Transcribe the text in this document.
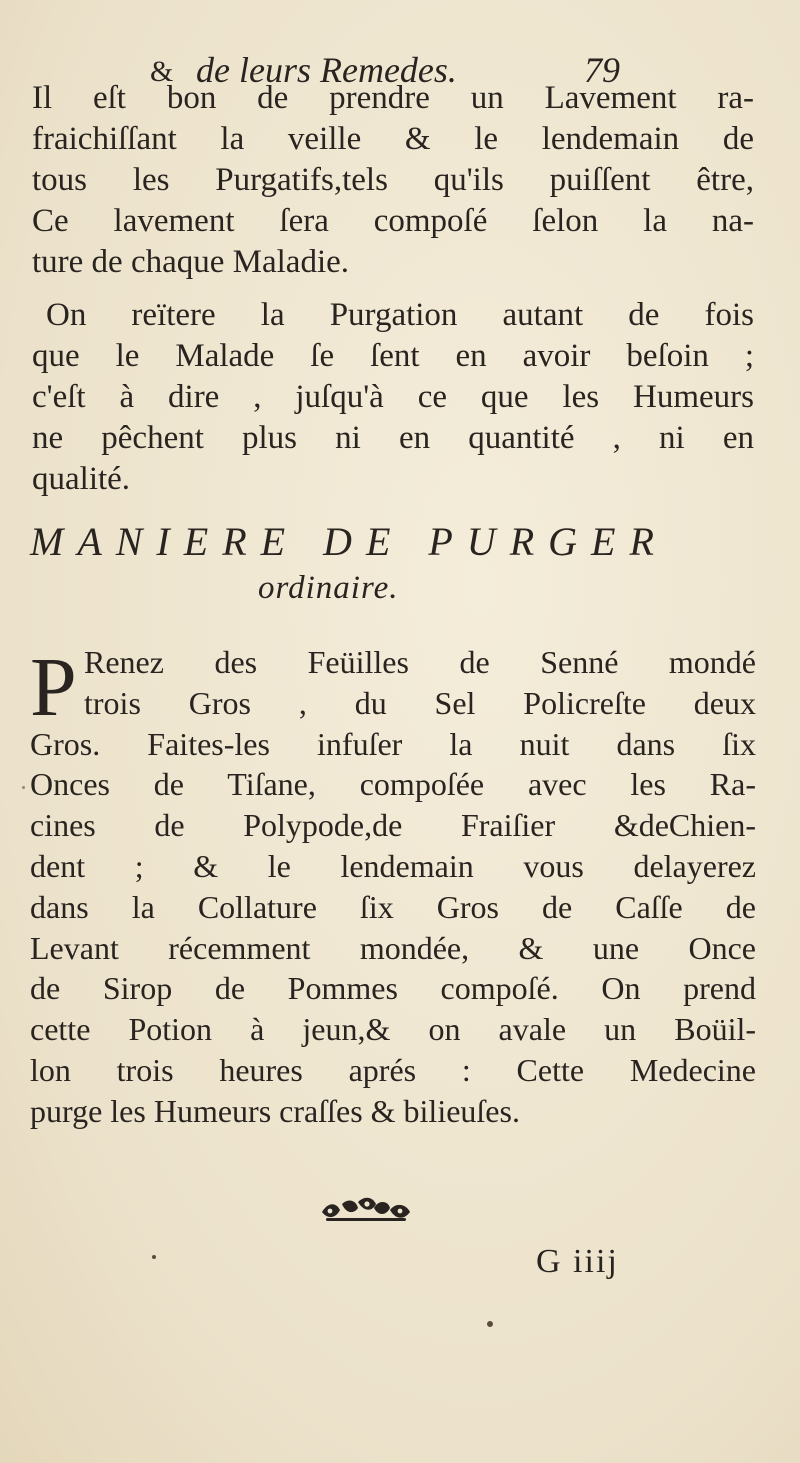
& de leurs Remedes.	79
Il eſt bon de prendre un Lavement ra-
fraichiſſant la veille & le lendemain de
tous les Purgatifs,tels qu'ils puiſſent être,
Ce lavement ſera compoſé ſelon la na-
ture de chaque Maladie.
On reïtere la Purgation autant de fois
que le Malade ſe ſent en avoir beſoin ;
c'eſt à dire , juſqu'à ce que les Humeurs
ne pêchent plus ni en quantité , ni en
qualité.
MANIERE DE PURGER
ordinaire.
P Renez des Feüilles de Senné mondé
trois Gros , du Sel Policreſte deux
Gros. Faites-les infuſer la nuit dans ſix
Onces de Tiſane, compoſée avec les Ra-
cines de Polypode,de Fraiſier &deChien-
dent ; & le lendemain vous delayerez
dans la Collature ſix Gros de Caſſe de
Levant récemment mondée, & une Once
de Sirop de Pommes compoſé. On prend
cette Potion à jeun,& on avale un Boüil-
lon trois heures aprés : Cette Medecine
purge les Humeurs craſſes & bilieuſes.
G iiij
